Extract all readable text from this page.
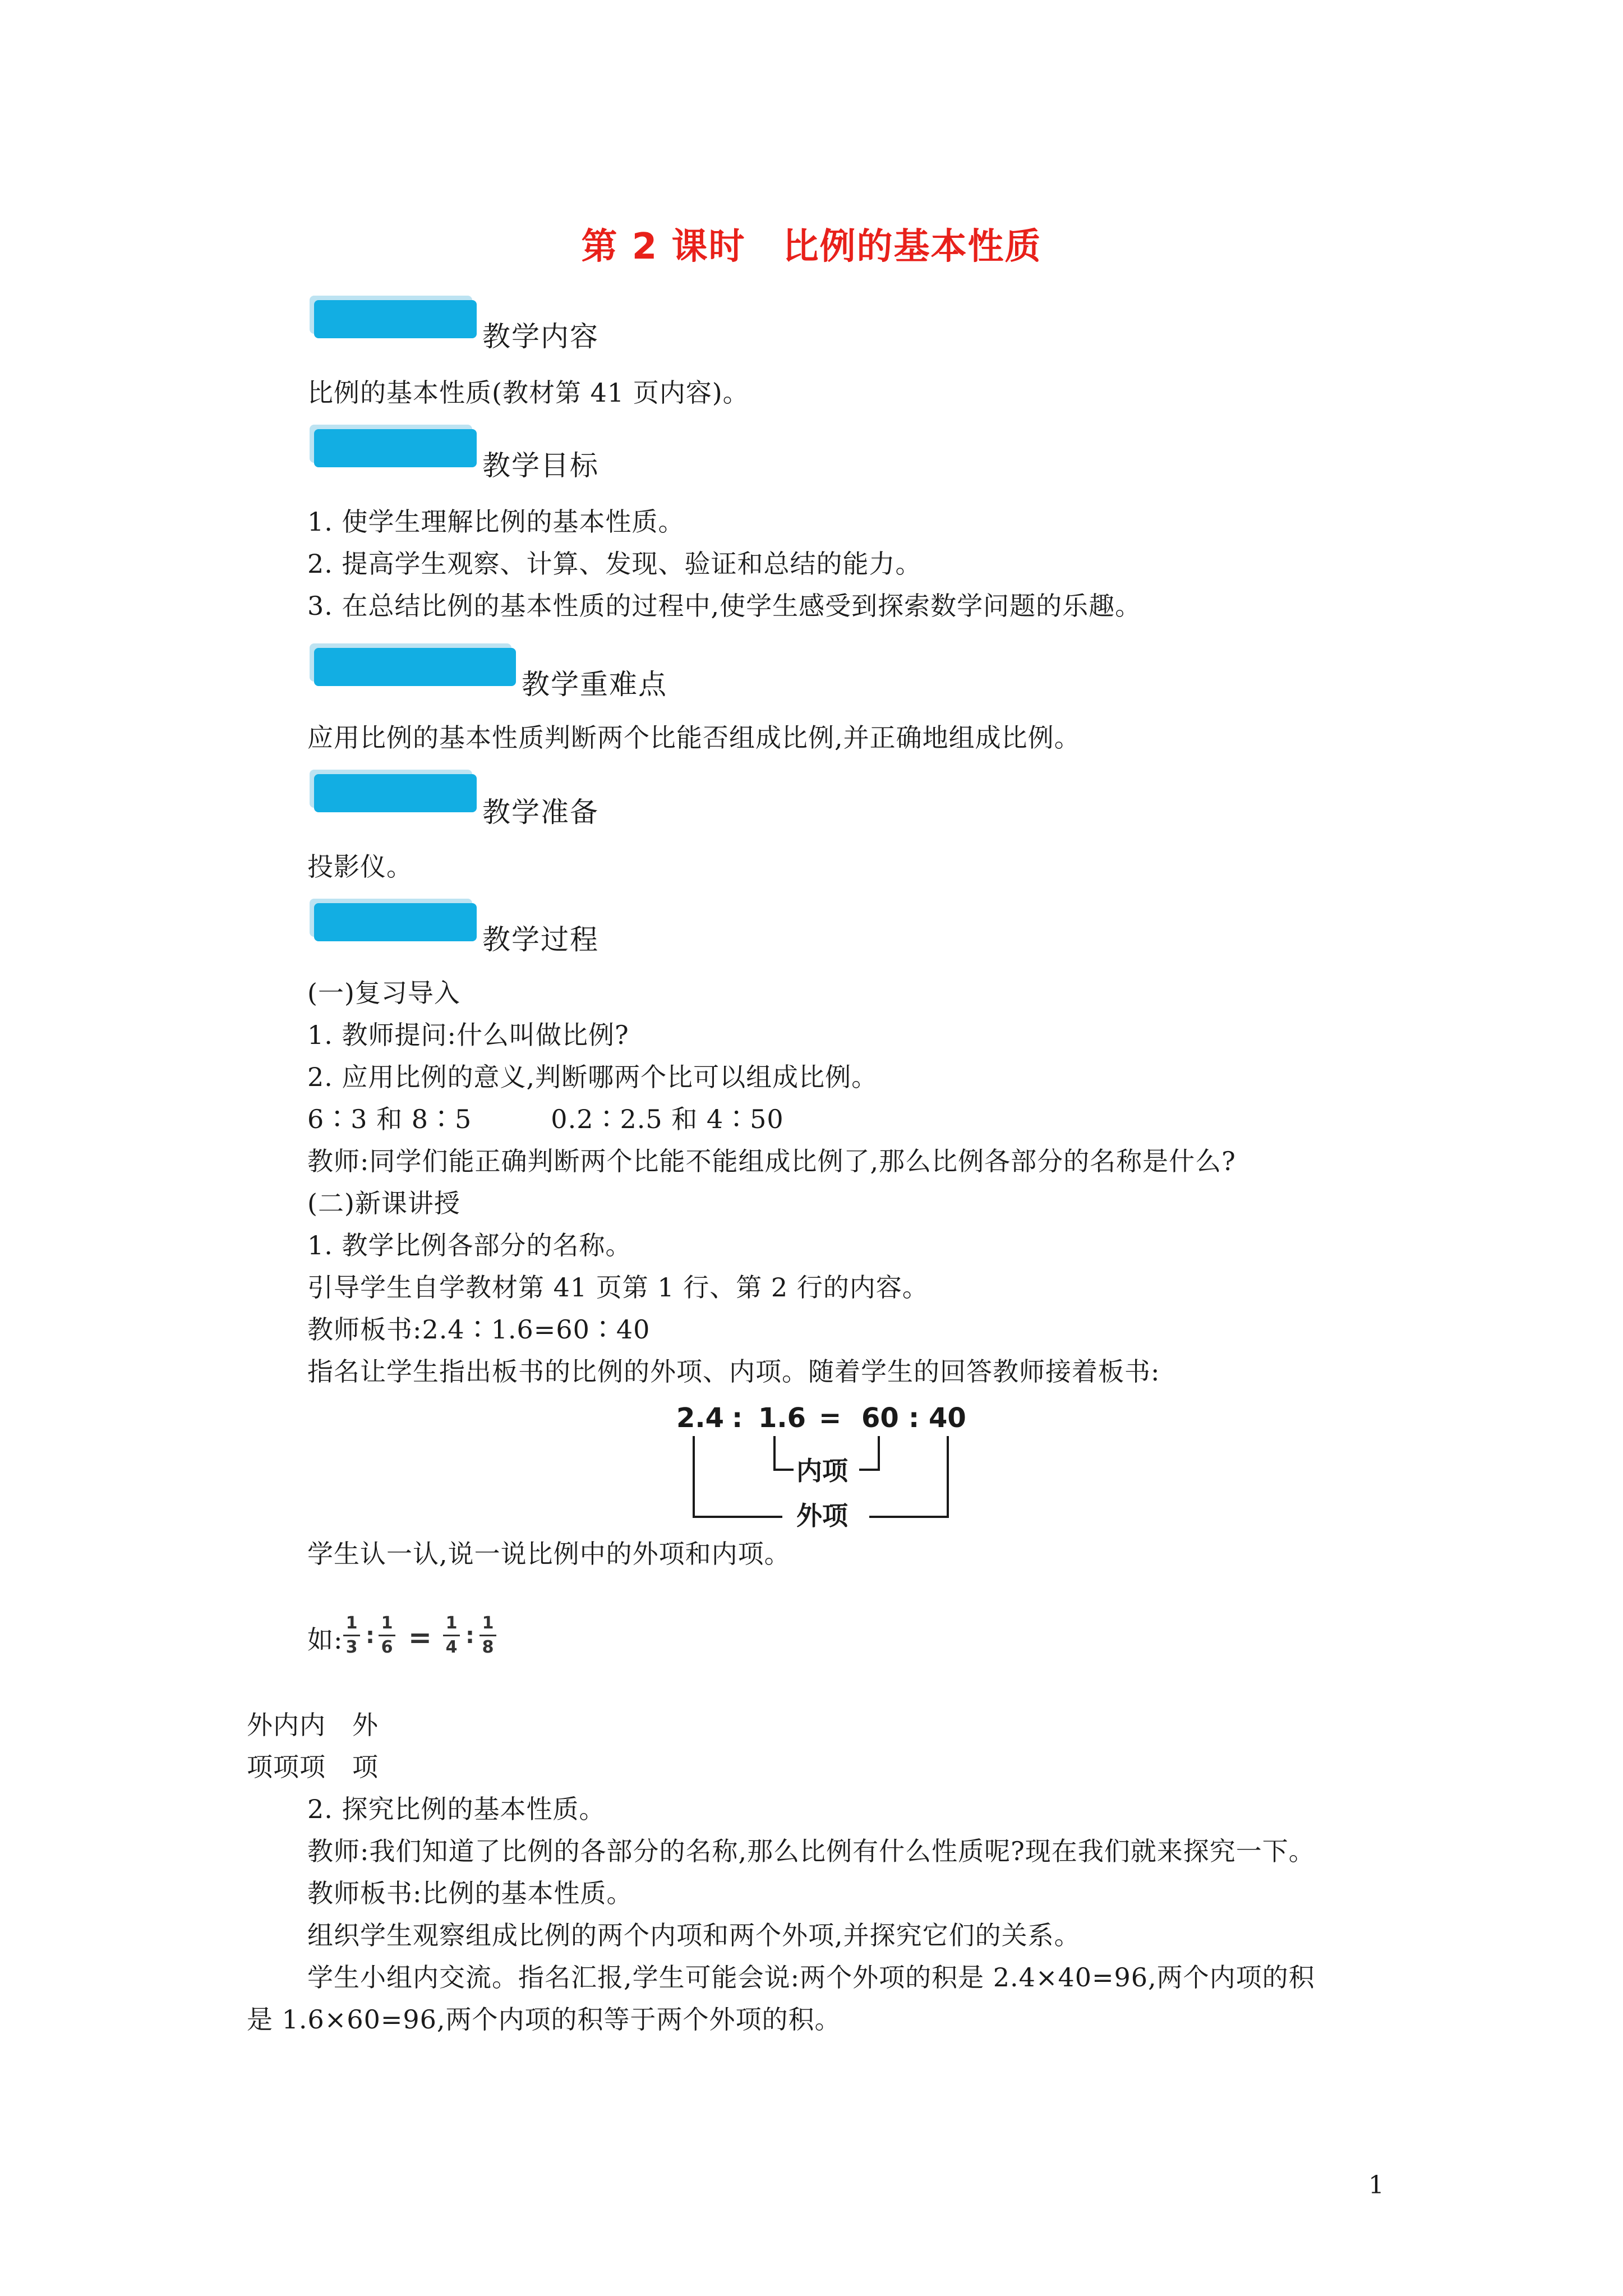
第 2 课时　比例的基本性质
教学内容
比例的基本性质(教材第 41 页内容)。
教学目标
1. 使学生理解比例的基本性质。
2. 提高学生观察、计算、发现、验证和总结的能力。
3. 在总结比例的基本性质的过程中,使学生感受到探索数学问题的乐趣。
教学重难点
应用比例的基本性质判断两个比能否组成比例,并正确地组成比例。
教学准备
投影仪。
教学过程
(一)复习导入
1. 教师提问:什么叫做比例?
2. 应用比例的意义,判断哪两个比可以组成比例。
6∶3 和 8∶5　　　0.2∶2.5 和 4∶50
教师:同学们能正确判断两个比能不能组成比例了,那么比例各部分的名称是什么?
(二)新课讲授
1. 教学比例各部分的名称。
引导学生自学教材第 41 页第 1 行、第 2 行的内容。
教师板书:2.4∶1.6=60∶40
指名让学生指出板书的比例的外项、内项。随着学生的回答教师接着板书:
2.4 : 1.6 = 60 : 40
内项
外项
学生认一认,说一说比例中的外项和内项。
如:
1
3 : 1
6 = 1
4 : 1
8
外内内　外
项项项　项
2. 探究比例的基本性质。
教师:我们知道了比例的各部分的名称,那么比例有什么性质呢?现在我们就来探究一下。
教师板书:比例的基本性质。
组织学生观察组成比例的两个内项和两个外项,并探究它们的关系。
学生小组内交流。指名汇报,学生可能会说:两个外项的积是 2.4×40=96,两个内项的积
是 1.6×60=96,两个内项的积等于两个外项的积。
1
